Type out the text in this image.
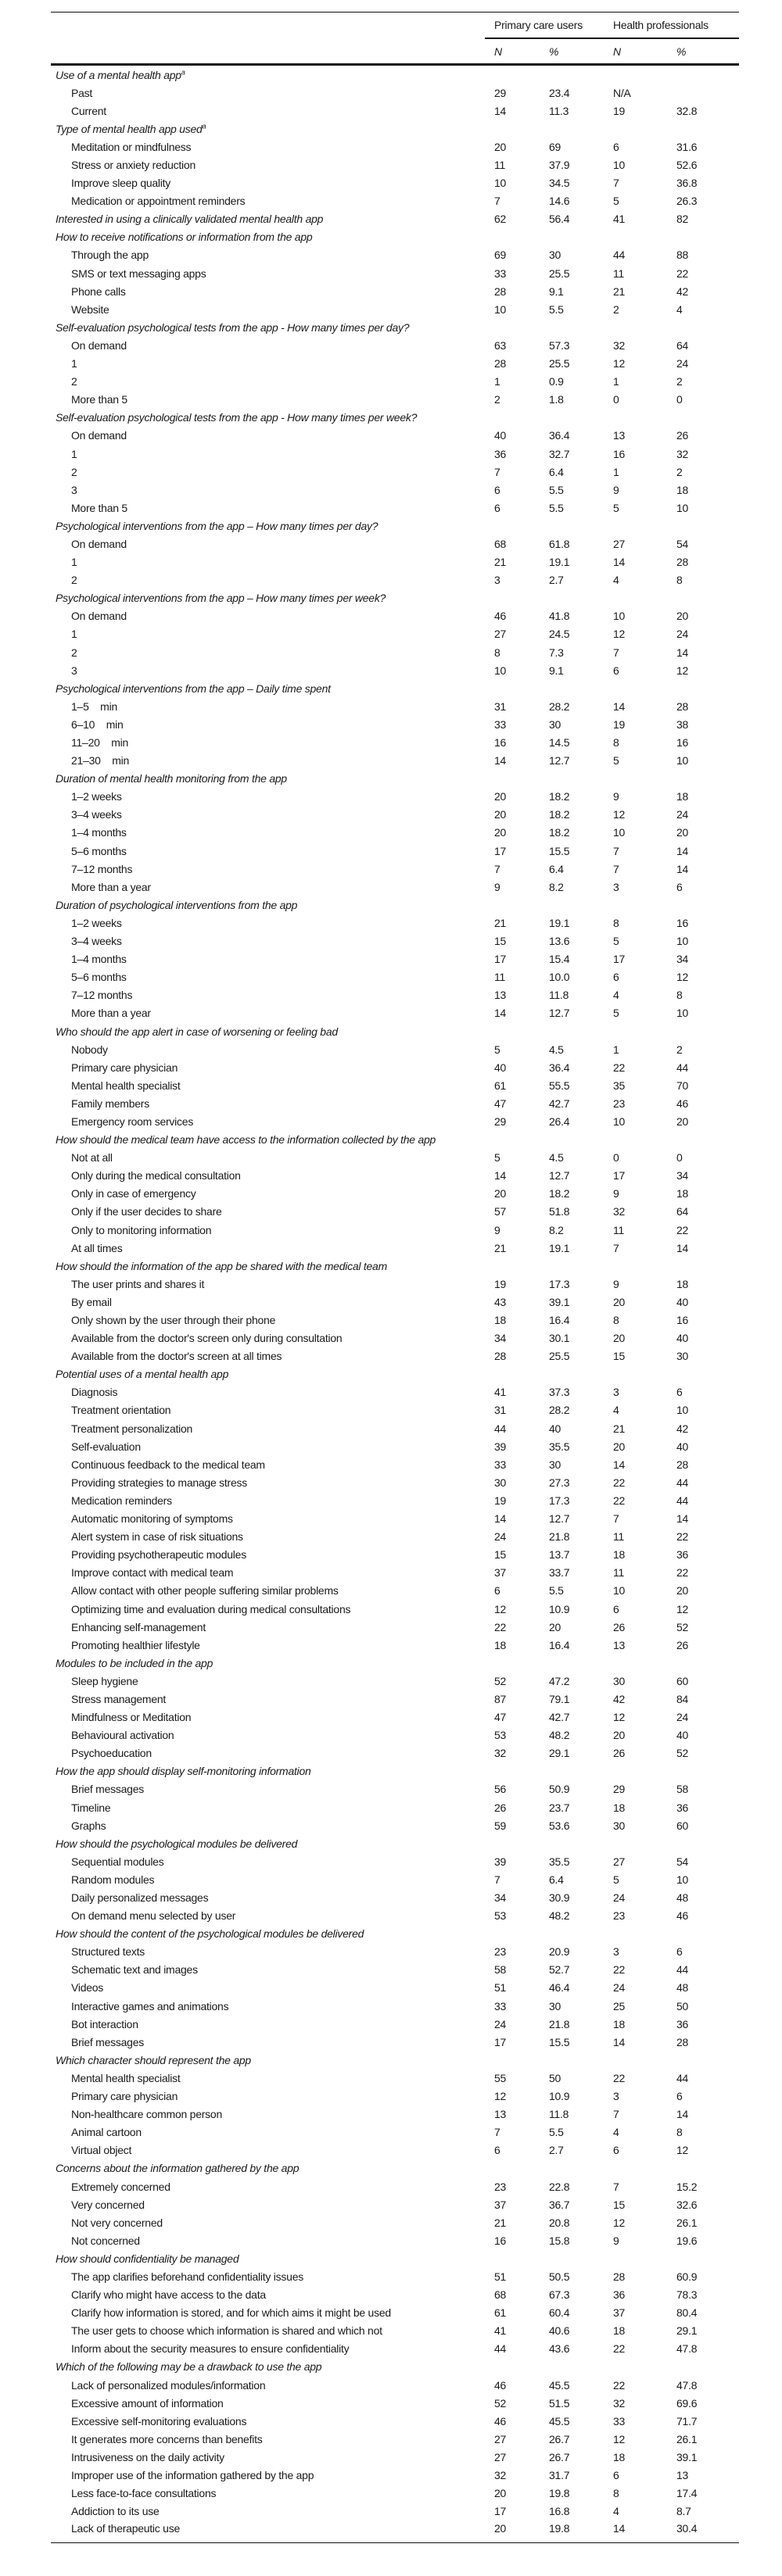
	Primary care users		Health professionals	
	N	%	N	%
Use of a mental health app$^a$				
Past	29	23.4	N/A	
Current	14	11.3	19	32.8
Type of mental health app used$^a$				
Meditation or mindfulness	20	69	6	31.6
Stress or anxiety reduction	11	37.9	10	52.6
Improve sleep quality	10	34.5	7	36.8
Medication or appointment reminders	7	14.6	5	26.3
Interested in using a clinically validated mental health app	62	56.4	41	82
How to receive notifications or information from the app				
Through the app	69	30	44	88
SMS or text messaging apps	33	25.5	11	22
Phone calls	28	9.1	21	42
Website	10	5.5	2	4
Self-evaluation psychological tests from the app - How many times per day?				
On demand	63	57.3	32	64
1	28	25.5	12	24
2	1	0.9	1	2
More than 5	2	1.8	0	0
Self-evaluation psychological tests from the app - How many times per week?				
On demand	40	36.4	13	26
1	36	32.7	16	32
2	7	6.4	1	2
3	6	5.5	9	18
More than 5	6	5.5	5	10
Psychological interventions from the app – How many times per day?				
On demand	68	61.8	27	54
1	21	19.1	14	28
2	3	2.7	4	8
Psychological interventions from the app – How many times per week?				
On demand	46	41.8	10	20
1	27	24.5	12	24
2	8	7.3	7	14
3	10	9.1	6	12
Psychological interventions from the app – Daily time spent				
1–5    min	31	28.2	14	28
6–10    min	33	30	19	38
11–20    min	16	14.5	8	16
21–30    min	14	12.7	5	10
Duration of mental health monitoring from the app				
1–2 weeks	20	18.2	9	18
3–4 weeks	20	18.2	12	24
1–4 months	20	18.2	10	20
5–6 months	17	15.5	7	14
7–12 months	7	6.4	7	14
More than a year	9	8.2	3	6
Duration of psychological interventions from the app				
1–2 weeks	21	19.1	8	16
3–4 weeks	15	13.6	5	10
1–4 months	17	15.4	17	34
5–6 months	11	10.0	6	12
7–12 months	13	11.8	4	8
More than a year	14	12.7	5	10
Who should the app alert in case of worsening or feeling bad				
Nobody	5	4.5	1	2
Primary care physician	40	36.4	22	44
Mental health specialist	61	55.5	35	70
Family members	47	42.7	23	46
Emergency room services	29	26.4	10	20
How should the medical team have access to the information collected by the app				
Not at all	5	4.5	0	0
Only during the medical consultation	14	12.7	17	34
Only in case of emergency	20	18.2	9	18
Only if the user decides to share	57	51.8	32	64
Only to monitoring information	9	8.2	11	22
At all times	21	19.1	7	14
How should the information of the app be shared with the medical team				
The user prints and shares it	19	17.3	9	18
By email	43	39.1	20	40
Only shown by the user through their phone	18	16.4	8	16
Available from the doctor's screen only during consultation	34	30.1	20	40
Available from the doctor's screen at all times	28	25.5	15	30
Potential uses of a mental health app				
Diagnosis	41	37.3	3	6
Treatment orientation	31	28.2	4	10
Treatment personalization	44	40	21	42
Self-evaluation	39	35.5	20	40
Continuous feedback to the medical team	33	30	14	28
Providing strategies to manage stress	30	27.3	22	44
Medication reminders	19	17.3	22	44
Automatic monitoring of symptoms	14	12.7	7	14
Alert system in case of risk situations	24	21.8	11	22
Providing psychotherapeutic modules	15	13.7	18	36
Improve contact with medical team	37	33.7	11	22
Allow contact with other people suffering similar problems	6	5.5	10	20
Optimizing time and evaluation during medical consultations	12	10.9	6	12
Enhancing self-management	22	20	26	52
Promoting healthier lifestyle	18	16.4	13	26
Modules to be included in the app				
Sleep hygiene	52	47.2	30	60
Stress management	87	79.1	42	84
Mindfulness or Meditation	47	42.7	12	24
Behavioural activation	53	48.2	20	40
Psychoeducation	32	29.1	26	52
How the app should display self-monitoring information				
Brief messages	56	50.9	29	58
Timeline	26	23.7	18	36
Graphs	59	53.6	30	60
How should the psychological modules be delivered				
Sequential modules	39	35.5	27	54
Random modules	7	6.4	5	10
Daily personalized messages	34	30.9	24	48
On demand menu selected by user	53	48.2	23	46
How should the content of the psychological modules be delivered				
Structured texts	23	20.9	3	6
Schematic text and images	58	52.7	22	44
Videos	51	46.4	24	48
Interactive games and animations	33	30	25	50
Bot interaction	24	21.8	18	36
Brief messages	17	15.5	14	28
Which character should represent the app				
Mental health specialist	55	50	22	44
Primary care physician	12	10.9	3	6
Non-healthcare common person	13	11.8	7	14
Animal cartoon	7	5.5	4	8
Virtual object	6	2.7	6	12
Concerns about the information gathered by the app				
Extremely concerned	23	22.8	7	15.2
Very concerned	37	36.7	15	32.6
Not very concerned	21	20.8	12	26.1
Not concerned	16	15.8	9	19.6
How should confidentiality be managed				
The app clarifies beforehand confidentiality issues	51	50.5	28	60.9
Clarify who might have access to the data	68	67.3	36	78.3
Clarify how information is stored, and for which aims it might be used	61	60.4	37	80.4
The user gets to choose which information is shared and which not	41	40.6	18	29.1
Inform about the security measures to ensure confidentiality	44	43.6	22	47.8
Which of the following may be a drawback to use the app				
Lack of personalized modules/information	46	45.5	22	47.8
Excessive amount of information	52	51.5	32	69.6
Excessive self-monitoring evaluations	46	45.5	33	71.7
It generates more concerns than benefits	27	26.7	12	26.1
Intrusiveness on the daily activity	27	26.7	18	39.1
Improper use of the information gathered by the app	32	31.7	6	13
Less face-to-face consultations	20	19.8	8	17.4
Addiction to its use	17	16.8	4	8.7
Lack of therapeutic use	20	19.8	14	30.4
